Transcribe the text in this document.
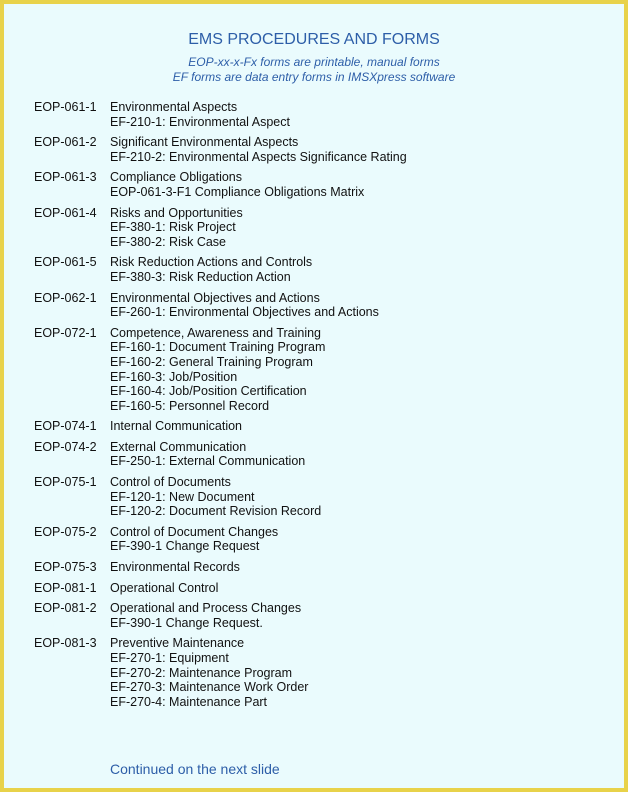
EMS PROCEDURES AND FORMS
EOP-xx-x-Fx forms are printable, manual forms
EF forms are data entry forms in IMSXpress software
EOP-061-1	Environmental Aspects
EF-210-1: Environmental Aspect
EOP-061-2	Significant Environmental Aspects
EF-210-2: Environmental Aspects Significance Rating
EOP-061-3	Compliance Obligations
EOP-061-3-F1 Compliance Obligations Matrix
EOP-061-4	Risks and Opportunities
EF-380-1: Risk Project
EF-380-2: Risk Case
EOP-061-5	Risk Reduction Actions and Controls
EF-380-3: Risk Reduction Action
EOP-062-1	Environmental Objectives and Actions
EF-260-1: Environmental Objectives and Actions
EOP-072-1	Competence, Awareness and Training
EF-160-1: Document Training Program
EF-160-2: General Training Program
EF-160-3: Job/Position
EF-160-4: Job/Position Certification
EF-160-5: Personnel Record
EOP-074-1	Internal Communication
EOP-074-2	External Communication
EF-250-1: External Communication
EOP-075-1	Control of Documents
EF-120-1: New Document
EF-120-2: Document Revision Record
EOP-075-2	Control of Document Changes
EF-390-1 Change Request
EOP-075-3	Environmental Records
EOP-081-1	Operational Control
EOP-081-2	Operational and Process Changes
EF-390-1 Change Request.
EOP-081-3	Preventive Maintenance
EF-270-1: Equipment
EF-270-2: Maintenance Program
EF-270-3: Maintenance Work Order
EF-270-4: Maintenance Part
Continued on the next slide
